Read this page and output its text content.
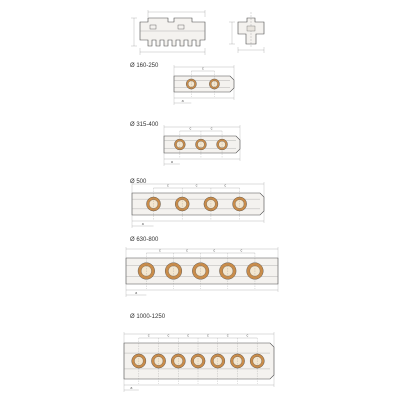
Ø 160-250
Ø 315-400
Ø 500
Ø 630-800
Ø 1000-1250
c
a
c	c
a
c	c	c
a
c	c	c	c
a
c	c	c	c	c	c
a
